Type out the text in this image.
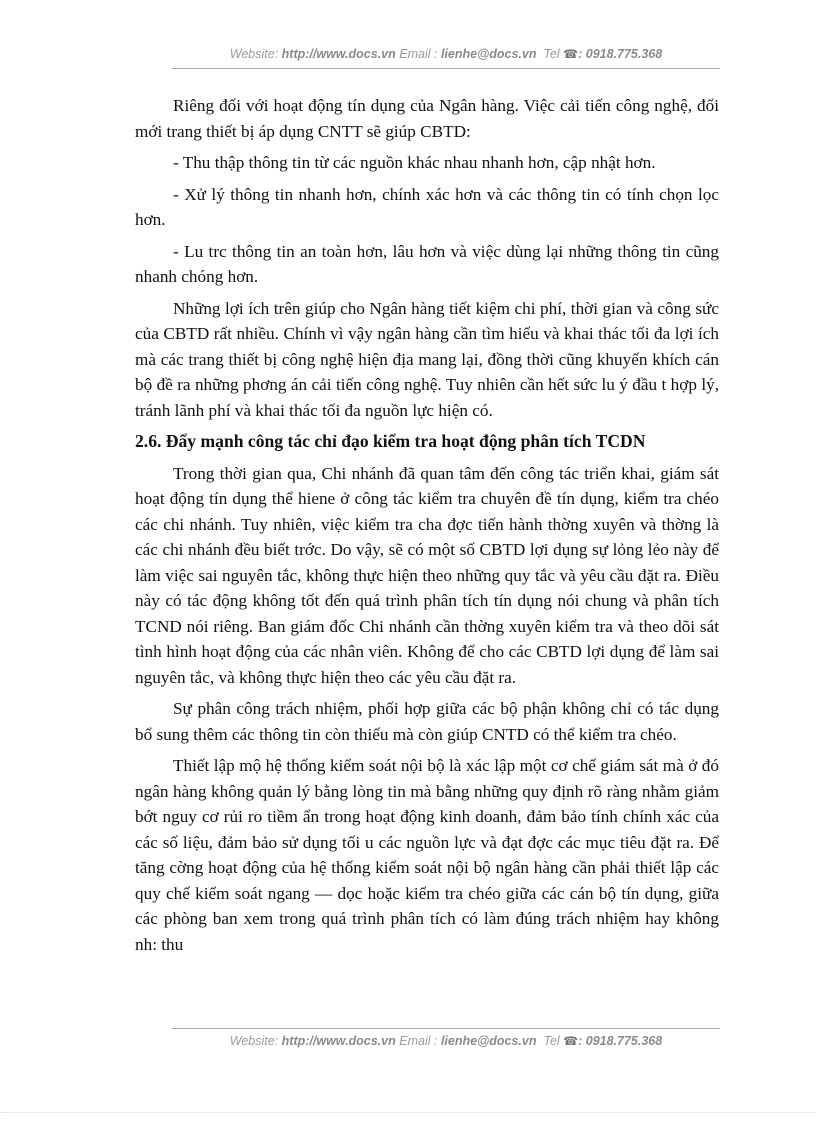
Website: http://www.docs.vn Email : lienhe@docs.vn Tel ☎: 0918.775.368

Riêng đối với hoạt động tín dụng của Ngân hàng. Việc cải tiến công nghệ, đổi mới trang thiết bị áp dụng CNTT sẽ giúp CBTD:

- Thu thập thông tin từ các nguồn khác nhau nhanh hơn, cập nhật hơn.

- Xử lý thông tin nhanh hơn, chính xác hơn và các thông tin có tính chọn lọc hơn.

- Lu trc thông tin an toàn hơn, lâu hơn và việc dùng lại những thông tin cũng nhanh chóng hơn.

Những lợi ích trên giúp cho Ngân hàng tiết kiệm chi phí, thời gian và công sức của CBTD rất nhiều. Chính vì vậy ngân hàng cần tìm hiểu và khai thác tối đa lợi ích mà các trang thiết bị công nghệ hiện địa mang lại, đồng thời cũng khuyến khích cán bộ đề ra những phơng án cải tiến công nghệ. Tuy nhiên cần hết sức lu ý đầu t hợp lý, tránh lãnh phí và khai thác tối đa nguồn lực hiện có.

2.6. Đẩy mạnh công tác chỉ đạo kiểm tra hoạt động phân tích TCDN

Trong thời gian qua, Chi nhánh đã quan tâm đến công tác triển khai, giám sát hoạt động tín dụng thể hiene ở công tác kiểm tra chuyên đề tín dụng, kiểm tra chéo các chi nhánh. Tuy nhiên, việc kiểm tra cha đợc tiến hành thờng xuyên và thờng là các chi nhánh đều biết trớc. Do vậy, sẽ có một số CBTD lợi dụng sự lỏng lẻo này để làm việc sai nguyên tắc, không thực hiện theo những quy tắc và yêu cầu đặt ra. Điều này có tác động không tốt đến quá trình phân tích tín dụng nói chung và phân tích TCND nói riêng. Ban giám đốc Chi nhánh cần thờng xuyên kiểm tra và theo dõi sát tình hình hoạt động của các nhân viên. Không để cho các CBTD lợi dụng để làm sai nguyên tắc, và không thực hiện theo các yêu cầu đặt ra.

Sự phân công trách nhiệm, phối hợp giữa các bộ phận không chỉ có tác dụng bổ sung thêm các thông tin còn thiếu mà còn giúp CNTD có thể kiểm tra chéo.

Thiết lập mộ hệ thống kiểm soát nội bộ là xác lập một cơ chế giám sát mà ở đó ngân hàng không quản lý bằng lòng tin mà bằng những quy định rõ ràng nhằm giảm bớt nguy cơ rủi ro tiềm ẩn trong hoạt động kinh doanh, đảm bảo tính chính xác của các số liệu, đảm bảo sử dụng tối u các nguồn lực và đạt đợc các mục tiêu đặt ra. Để tăng cờng hoạt động của hệ thống kiểm soát nội bộ ngân hàng cần phải thiết lập các quy chế kiểm soát ngang — dọc hoặc kiểm tra chéo giữa các cán bộ tín dụng, giữa các phòng ban xem trong quá trình phân tích có làm đúng trách nhiệm hay không nh: thu

Website: http://www.docs.vn Email : lienhe@docs.vn Tel ☎: 0918.775.368
